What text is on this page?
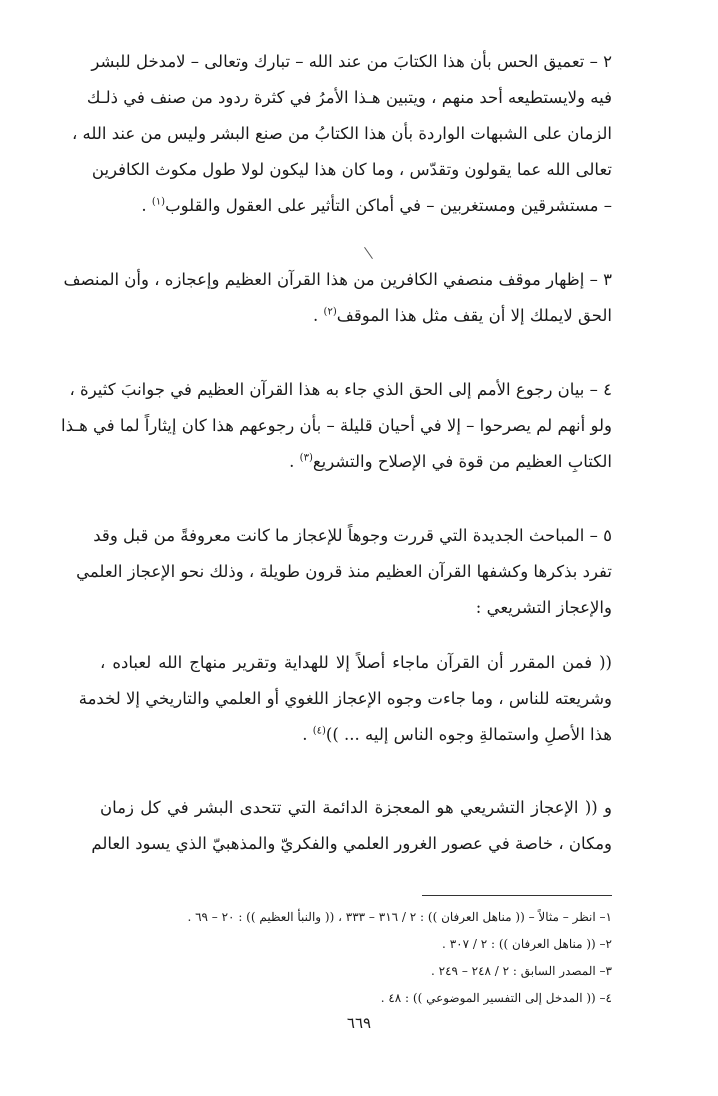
٢ – تعميق الحس بأن هذا الكتابَ من عند الله – تبارك وتعالى – لامدخل للبشر
فيه ولايستطيعه أحد منهم ، ويتبين هـذا الأمرُ في كثرة ردود من صنف في ذلـك
الزمان على الشبهات الواردة بأن هذا الكتابُ من صنع البشر وليس من عند الله ،
تعالى الله عما يقولون وتقدّس ، وما كان هذا ليكون لولا طول مكوث الكافرين
– مستشرقين ومستغربين – في أماكن التأثير على العقول والقلوب$^{(١)}$ .
٣ – إظهار موقف منصفي الكافرين من هذا القرآن العظيم وإعجازه ، وأن المنصف
الحق لايملك إلا أن يقف مثل هذا الموقف$^{(٢)}$ .
٤ – بيان رجوع الأمم إلى الحق الذي جاء به هذا القرآن العظيم في جوانبَ كثيرة ،
ولو أنهم لم يصرحوا – إلا في أحيان قليلة – بأن رجوعهم هذا كان إيثاراً لما في هـذا
الكتابِ العظيم من قوة في الإصلاح والتشريع$^{(٣)}$ .
٥ – المباحث الجديدة التي قررت وجوهاً للإعجاز ما كانت معروفةً من قبل وقد
تفرد بذكرها وكشفها القرآن العظيم منذ قرون طويلة ، وذلك نحو الإعجاز العلمي
والإعجاز التشريعي :
(( فمن المقرر أن القرآن ماجاء أصلاً إلا للهداية وتقرير منهاج الله لعباده ،
وشريعته للناس ، وما جاءت وجوه الإعجاز اللغوي أو العلمي والتاريخي إلا لخدمة
هذا الأصلِ واستمالةِ وجوه الناس إليه ... ))$^{(٤)}$ .
و (( الإعجاز التشريعي هو المعجزة الدائمة التي تتحدى البشر في كل زمان
ومكان ، خاصة في عصور الغرور العلمي والفكريّ والمذهبيّ الذي يسود العالم
١– انظر – مثالاً – (( مناهل العرفان )) : ٢ / ٣١٦ – ٣٣٣ ، (( والنبأ العظيم )) : ٢٠ – ٦٩ .
٢– (( مناهل العرفان )) : ٢ / ٣٠٧ .
٣– المصدر السابق : ٢ / ٢٤٨ – ٢٤٩ .
٤– (( المدخل إلى التفسير الموضوعي )) : ٤٨ .
٦٦٩
